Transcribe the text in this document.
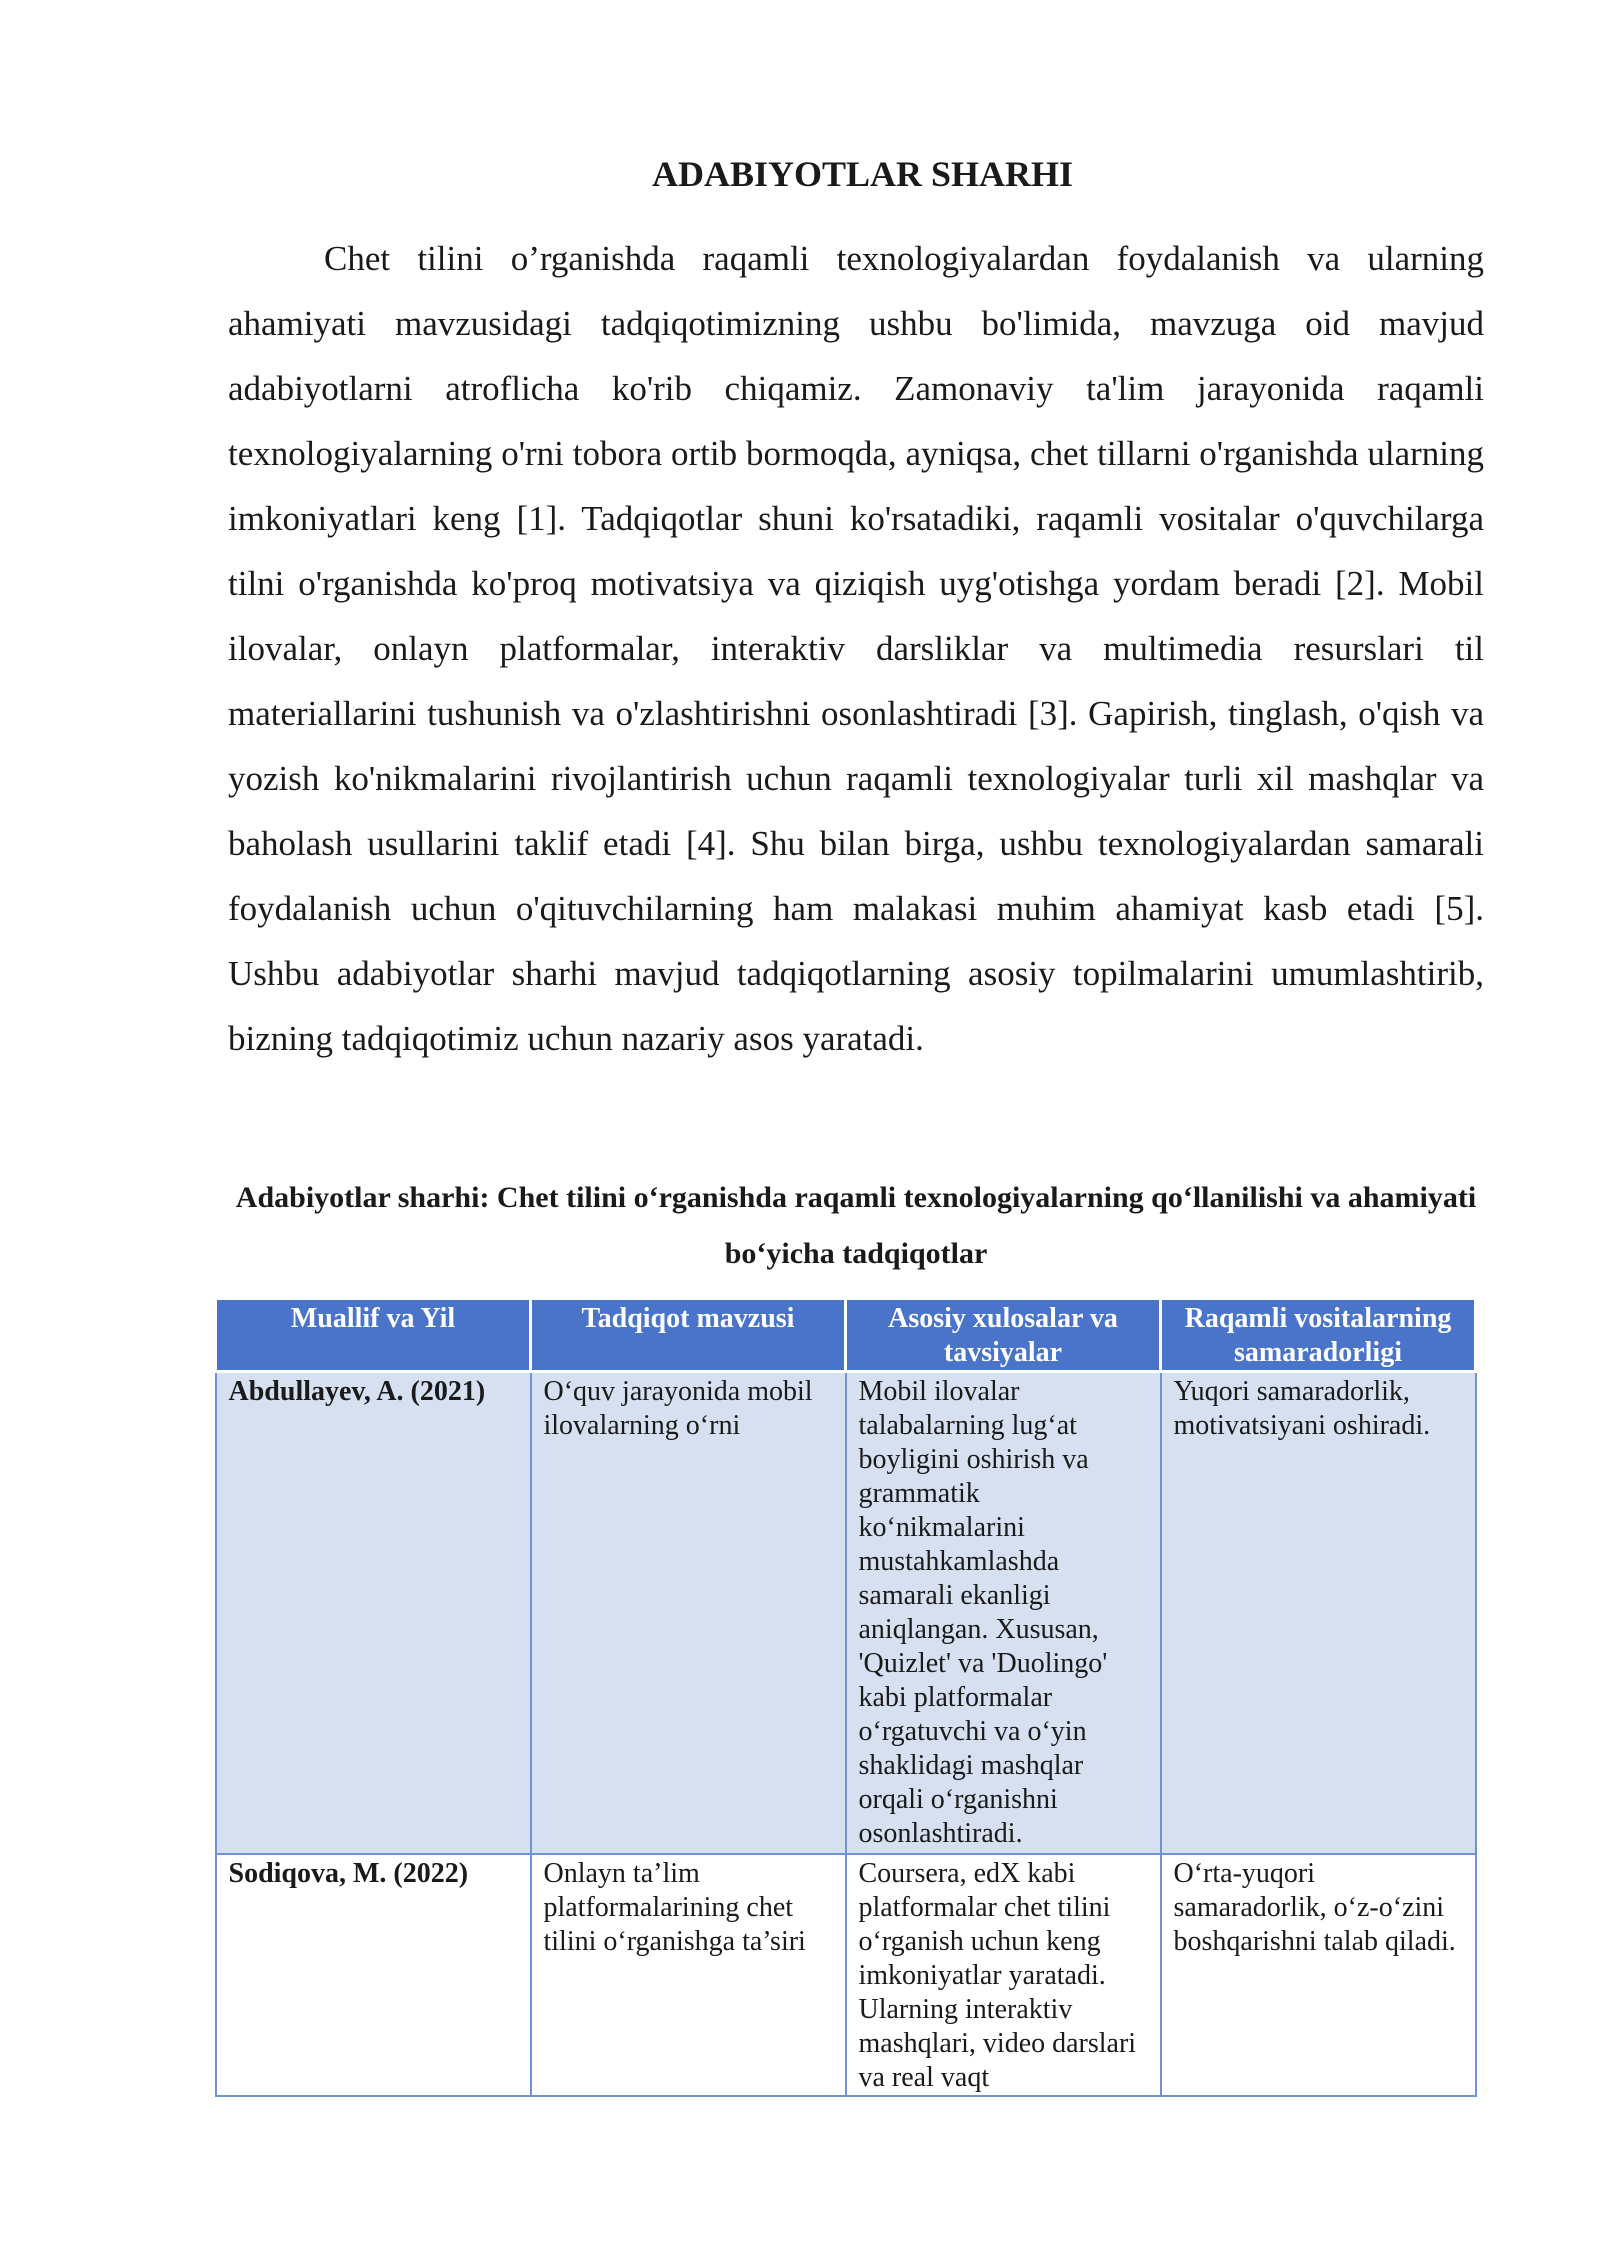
ADABIYOTLAR SHARHI

Chet tilini o’rganishda raqamli texnologiyalardan foydalanish va ularning ahamiyati mavzusidagi tadqiqotimizning ushbu bo'limida, mavzuga oid mavjud adabiyotlarni atroflicha ko'rib chiqamiz. Zamonaviy ta'lim jarayonida raqamli texnologiyalarning o'rni tobora ortib bormoqda, ayniqsa, chet tillarni o'rganishda ularning imkoniyatlari keng [1]. Tadqiqotlar shuni ko'rsatadiki, raqamli vositalar o'quvchilarga tilni o'rganishda ko'proq motivatsiya va qiziqish uyg'otishga yordam beradi [2]. Mobil ilovalar, onlayn platformalar, interaktiv darsliklar va multimedia resurslari til materiallarini tushunish va o'zlashtirishni osonlashtiradi [3]. Gapirish, tinglash, o'qish va yozish ko'nikmalarini rivojlantirish uchun raqamli texnologiyalar turli xil mashqlar va baholash usullarini taklif etadi [4]. Shu bilan birga, ushbu texnologiyalardan samarali foydalanish uchun o'qituvchilarning ham malakasi muhim ahamiyat kasb etadi [5]. Ushbu adabiyotlar sharhi mavjud tadqiqotlarning asosiy topilmalarini umumlashtirib, bizning tadqiqotimiz uchun nazariy asos yaratadi.

Adabiyotlar sharhi: Chet tilini o‘rganishda raqamli texnologiyalarning qo‘llanilishi va ahamiyati bo‘yicha tadqiqotlar

Muallif va Yil	Tadqiqot mavzusi	Asosiy xulosalar va tavsiyalar	Raqamli vositalarning samaradorligi
Abdullayev, A. (2021)	O‘quv jarayonida mobil ilovalarning o‘rni	Mobil ilovalar talabalarning lug‘at boyligini oshirish va grammatik ko‘nikmalarini mustahkamlashda samarali ekanligi aniqlangan. Xususan, 'Quizlet' va 'Duolingo' kabi platformalar o‘rgatuvchi va o‘yin shaklidagi mashqlar orqali o‘rganishni osonlashtiradi.	Yuqori samaradorlik, motivatsiyani oshiradi.
Sodiqova, M. (2022)	Onlayn ta’lim platformalarining chet tilini o‘rganishga ta’siri	Coursera, edX kabi platformalar chet tilini o‘rganish uchun keng imkoniyatlar yaratadi. Ularning interaktiv mashqlari, video darslari va real vaqt	O‘rta-yuqori samaradorlik, o‘z-o‘zini boshqarishni talab qiladi.
